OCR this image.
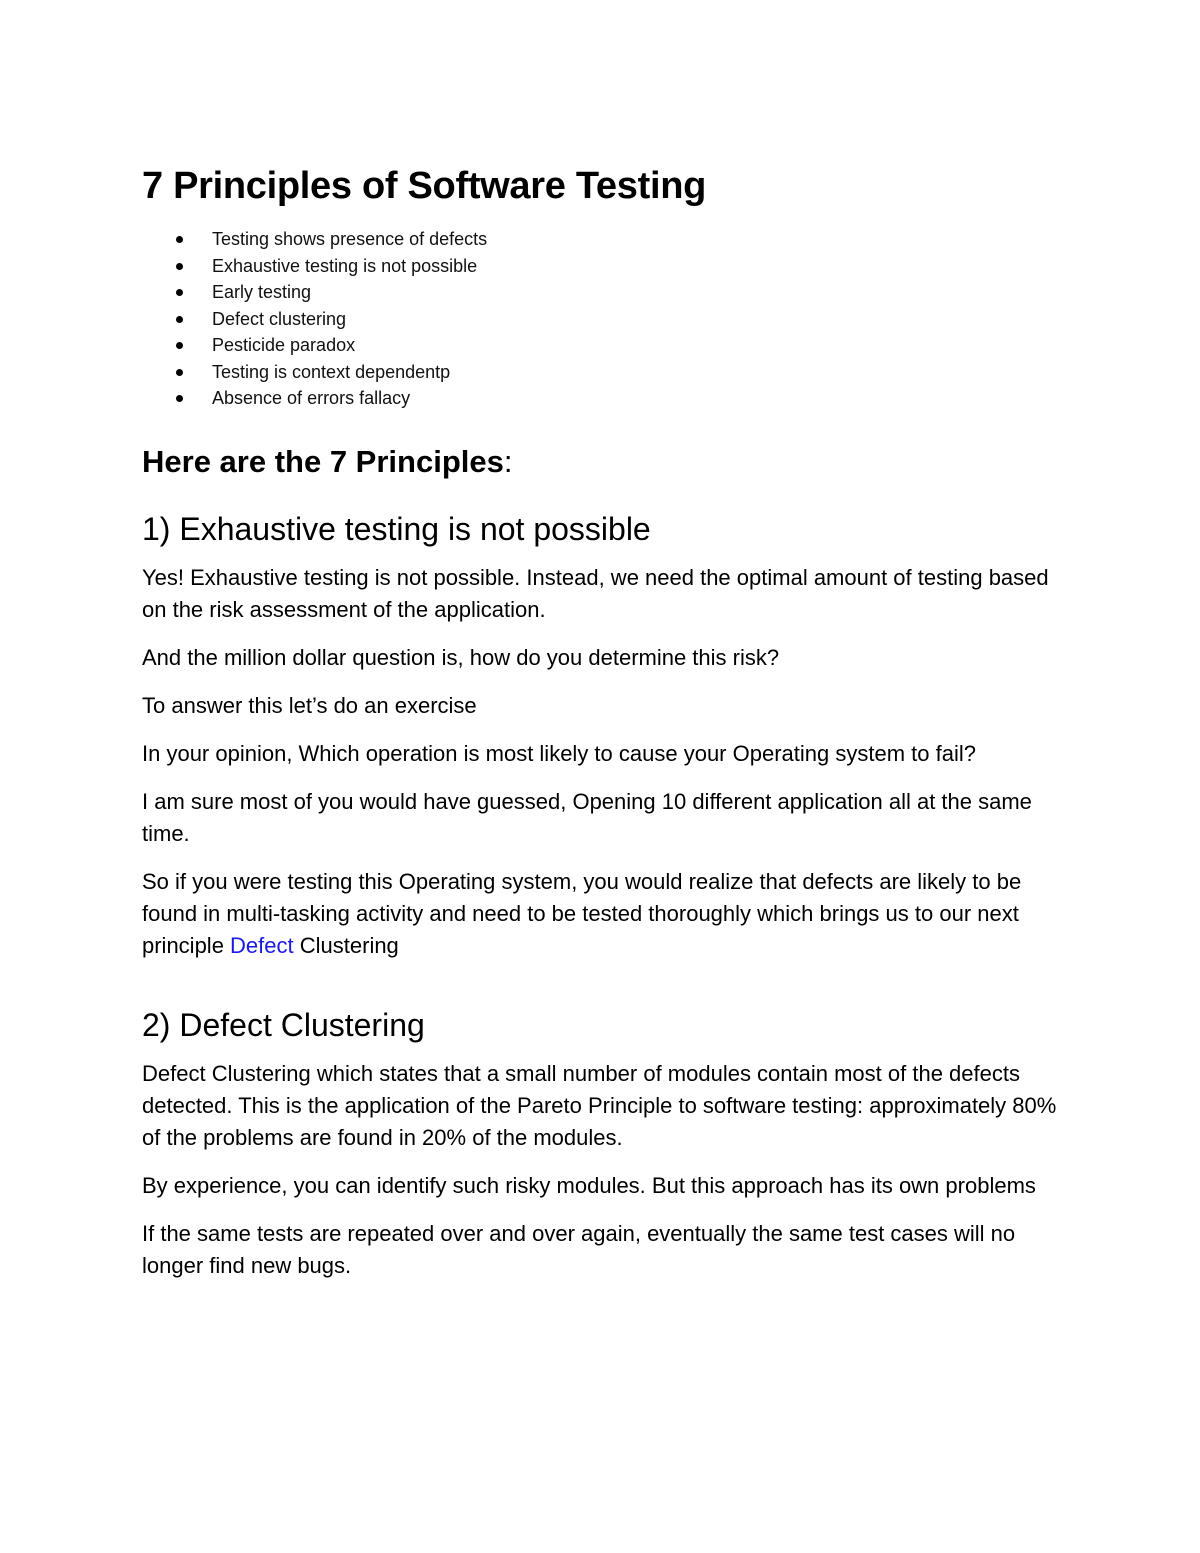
7 Principles of Software Testing
Testing shows presence of defects
Exhaustive testing is not possible
Early testing
Defect clustering
Pesticide paradox
Testing is context dependentp
Absence of errors fallacy
Here are the 7 Principles:
1) Exhaustive testing is not possible

Yes! Exhaustive testing is not possible. Instead, we need the optimal amount of testing based on the risk assessment of the application.

And the million dollar question is, how do you determine this risk?

To answer this let’s do an exercise

In your opinion, Which operation is most likely to cause your Operating system to fail?

I am sure most of you would have guessed, Opening 10 different application all at the same time.

So if you were testing this Operating system, you would realize that defects are likely to be found in multi-tasking activity and need to be tested thoroughly which brings us to our next principle Defect Clustering

2) Defect Clustering

Defect Clustering which states that a small number of modules contain most of the defects detected. This is the application of the Pareto Principle to software testing: approximately 80% of the problems are found in 20% of the modules.

By experience, you can identify such risky modules. But this approach has its own problems

If the same tests are repeated over and over again, eventually the same test cases will no longer find new bugs.
